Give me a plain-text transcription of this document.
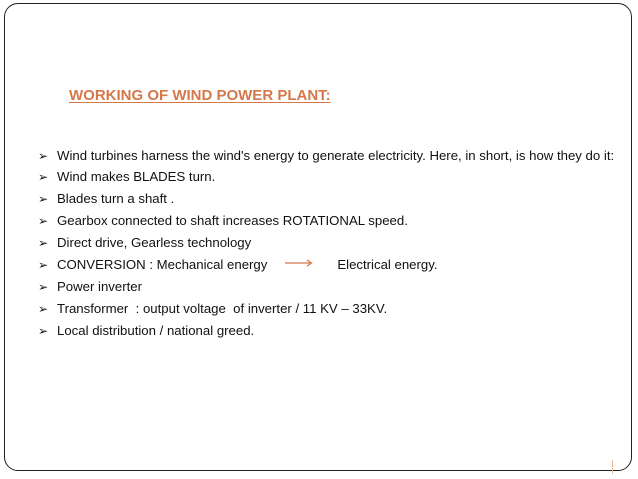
WORKING OF WIND POWER PLANT:
➢ Wind turbines harness the wind's energy to generate electricity. Here, in short, is how they do it:
➢ Wind makes BLADES turn.
➢ Blades turn a shaft .
➢ Gearbox connected to shaft increases ROTATIONAL speed.
➢ Direct drive, Gearless technology
➢ CONVERSION : Mechanical energy	Electrical energy.
➢ Power inverter
➢ Transformer  : output voltage  of inverter / 11 KV – 33KV.
➢ Local distribution / national greed.
